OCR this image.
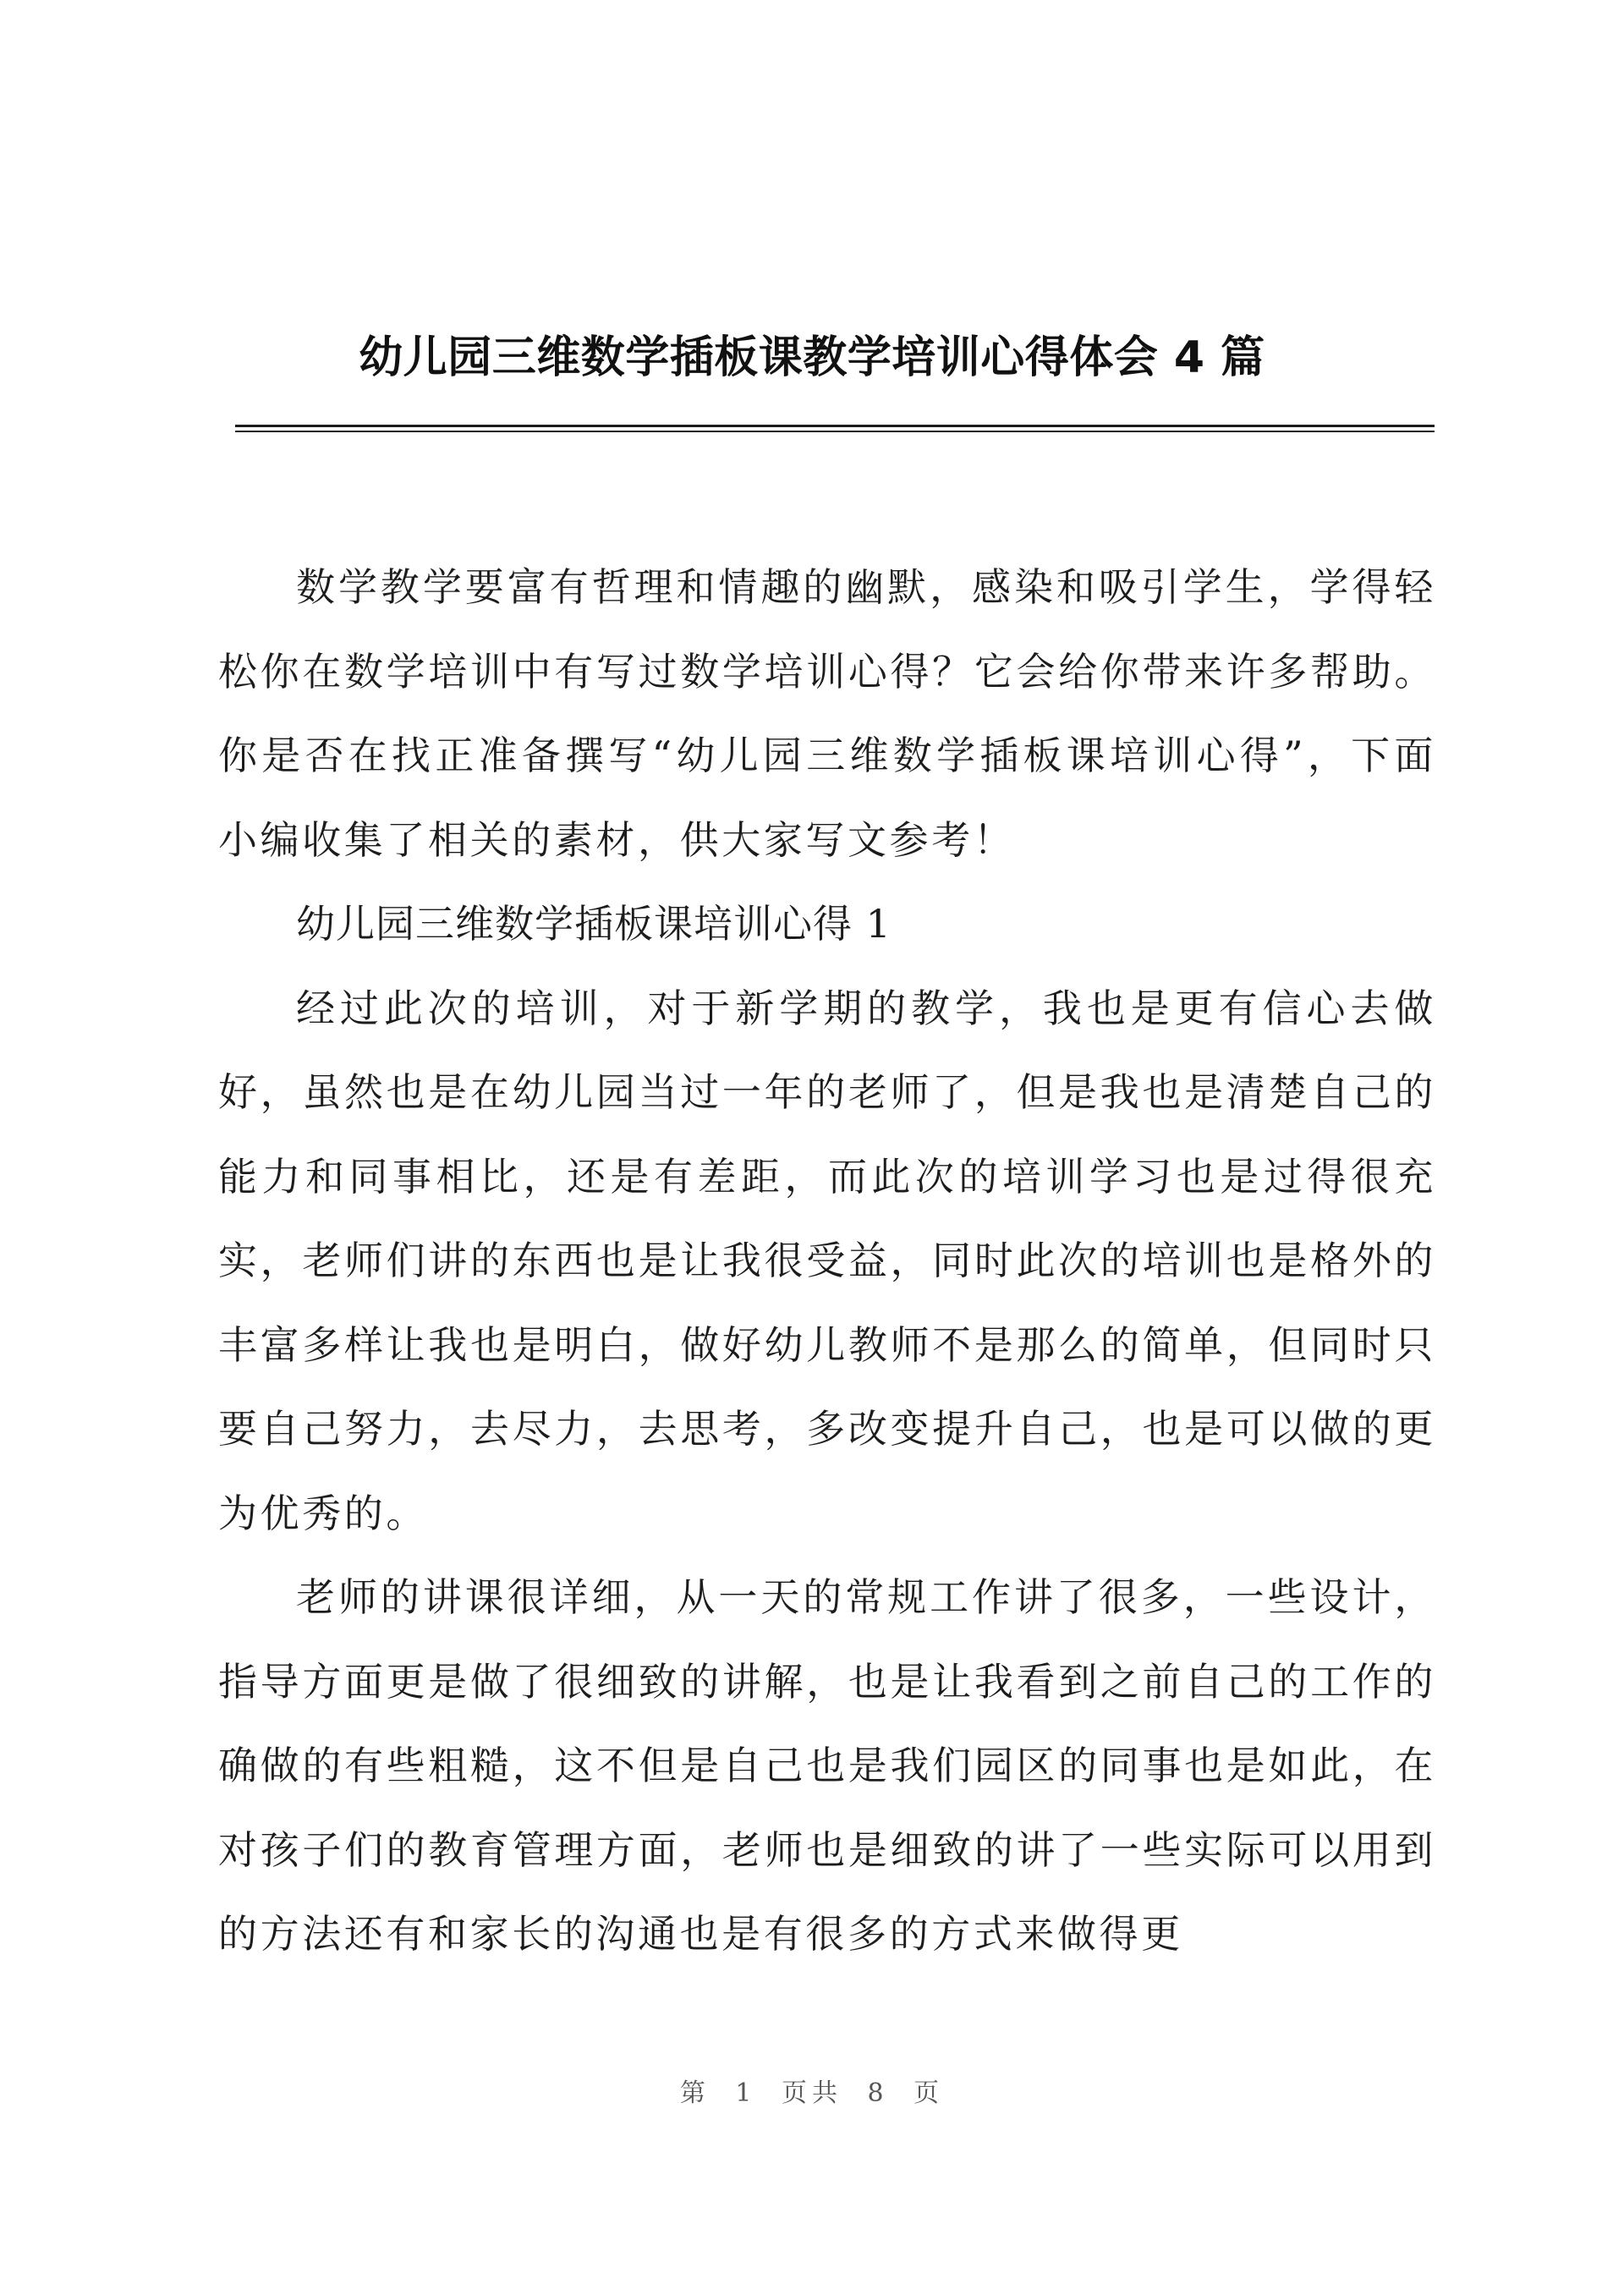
幼儿园三维数学插板课教学培训心得体会 4 篇

数学教学要富有哲理和情趣的幽默，感染和吸引学生，学得轻松你在数学培训中有写过数学培训心得？它会给你带来许多帮助。你是否在找正准备撰写“幼儿园三维数学插板课培训心得”，下面小编收集了相关的素材，供大家写文参考！

幼儿园三维数学插板课培训心得 1

经过此次的培训，对于新学期的教学，我也是更有信心去做好，虽然也是在幼儿园当过一年的老师了，但是我也是清楚自己的能力和同事相比，还是有差距，而此次的培训学习也是过得很充实，老师们讲的东西也是让我很受益，同时此次的培训也是格外的丰富多样让我也是明白，做好幼儿教师不是那么的简单，但同时只要自己努力，去尽力，去思考，多改变提升自己，也是可以做的更为优秀的。

老师的讲课很详细，从一天的常规工作讲了很多，一些设计，指导方面更是做了很细致的讲解，也是让我看到之前自己的工作的确做的有些粗糙，这不但是自己也是我们园区的同事也是如此，在对孩子们的教育管理方面，老师也是细致的讲了一些实际可以用到的方法还有和家长的沟通也是有很多的方式来做得更

第 1 页共 8 页
